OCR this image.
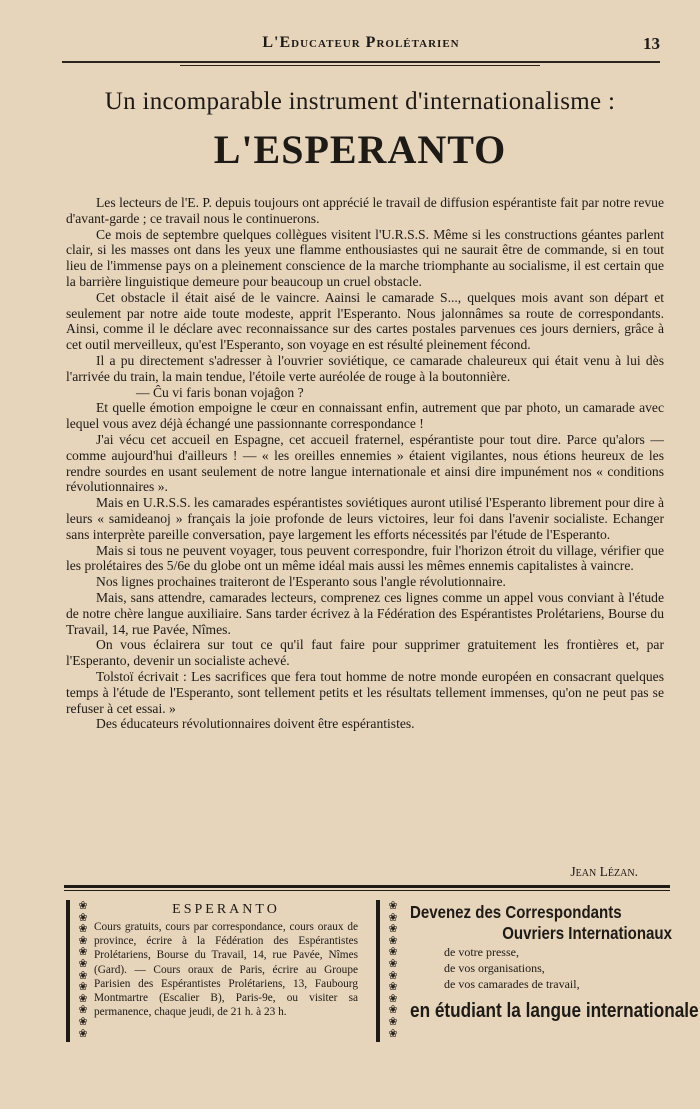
L'Educateur Prolétarien	13
Un incomparable instrument d'internationalisme :
L'ESPERANTO

Les lecteurs de l'E. P. depuis toujours ont apprécié le travail de diffusion espérantiste fait par notre revue d'avant-garde ; ce travail nous le continuerons.

Ce mois de septembre quelques collègues visitent l'U.R.S.S. Même si les constructions géantes parlent clair, si les masses ont dans les yeux une flamme enthousiastes qui ne saurait être de commande, si en tout lieu de l'immense pays on a pleinement conscience de la marche triomphante au socialisme, il est certain que la barrière linguistique demeure pour beaucoup un cruel obstacle.

Cet obstacle il était aisé de le vaincre. Aainsi le camarade S..., quelques mois avant son départ et seulement par notre aide toute modeste, apprit l'Esperanto. Nous jalonnâmes sa route de correspondants. Ainsi, comme il le déclare avec reconnaissance sur des cartes postales parvenues ces jours derniers, grâce à cet outil merveilleux, qu'est l'Esperanto, son voyage en est résulté pleinement fécond.

Il a pu directement s'adresser à l'ouvrier soviétique, ce camarade chaleureux qui était venu à lui dès l'arrivée du train, la main tendue, l'étoile verte auréolée de rouge à la boutonnière.

— Ĉu vi faris bonan vojaĝon ?

Et quelle émotion empoigne le cœur en connaissant enfin, autrement que par photo, un camarade avec lequel vous avez déjà échangé une passionnante correspondance !

J'ai vécu cet accueil en Espagne, cet accueil fraternel, espérantiste pour tout dire. Parce qu'alors — comme aujourd'hui d'ailleurs ! — « les oreilles ennemies » étaient vigilantes, nous étions heureux de les rendre sourdes en usant seulement de notre langue internationale et ainsi dire impunément nos « conditions révolutionnaires ».

Mais en U.R.S.S. les camarades espérantistes soviétiques auront utilisé l'Esperanto librement pour dire à leurs « samideanoj » français la joie profonde de leurs victoires, leur foi dans l'avenir socialiste. Echanger sans interprète pareille conversation, paye largement les efforts nécessités par l'étude de l'Esperanto.

Mais si tous ne peuvent voyager, tous peuvent correspondre, fuir l'horizon étroit du village, vérifier que les prolétaires des 5/6e du globe ont un même idéal mais aussi les mêmes ennemis capitalistes à vaincre.

Nos lignes prochaines traiteront de l'Esperanto sous l'angle révolutionnaire.

Mais, sans attendre, camarades lecteurs, comprenez ces lignes comme un appel vous conviant à l'étude de notre chère langue auxiliaire. Sans tarder écrivez à la Fédération des Espérantistes Prolétariens, Bourse du Travail, 14, rue Pavée, Nîmes.

On vous éclairera sur tout ce qu'il faut faire pour supprimer gratuitement les frontières et, par l'Esperanto, devenir un socialiste achevé.

Tolstoï écrivait : Les sacrifices que fera tout homme de notre monde européen en consacrant quelques temps à l'étude de l'Esperanto, sont tellement petits et les résultats tellement immenses, qu'on ne peut pas se refuser à cet essai. »

Des éducateurs révolutionnaires doivent être espérantistes.

Jean Lézan.
❀
❀
❀
❀
❀
❀
❀
❀
❀
❀
❀
❀
ESPERANTO
Cours gratuits, cours par correspondance, cours oraux de province, écrire à la Fédération des Espérantistes Prolétariens, Bourse du Travail, 14, rue Pavée, Nîmes (Gard). — Cours oraux de Paris, écrire au Groupe Parisien des Espérantistes Prolétariens, 13, Faubourg Montmartre (Escalier B), Paris-9e, ou visiter sa permanence, chaque jeudi, de 21 h. à 23 h.
❀
❀
❀
❀
❀
❀
❀
❀
❀
❀
❀
❀
Devenez des Correspondants
Ouvriers Internationaux
de votre presse,
de vos organisations,
de vos camarades de travail,
en étudiant la langue internationale
